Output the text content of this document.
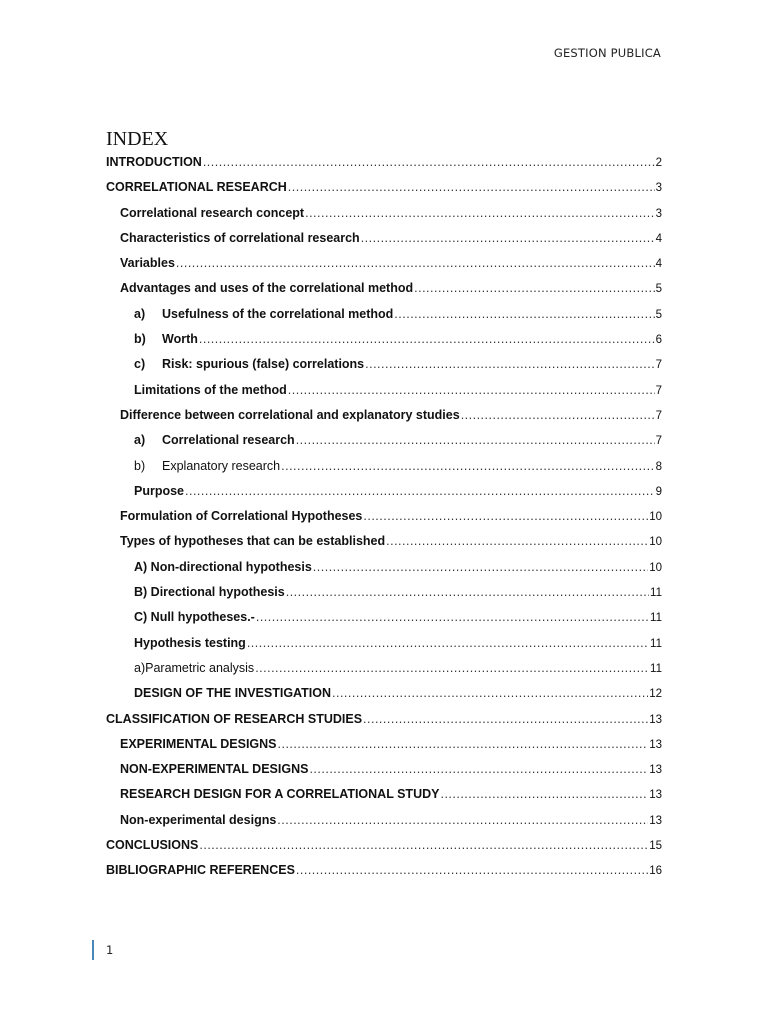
GESTION PUBLICA
INDEX
INTRODUCTION .....	2
CORRELATIONAL RESEARCH .....	3
Correlational research concept .....	3
Characteristics of correlational research .....	4
Variables .....	4
Advantages and uses of the correlational method .....	5
a)	Usefulness of the correlational method .....	5
b)	Worth .....	6
c)	Risk: spurious (false) correlations .....	7
Limitations of the method .....	7
Difference between correlational and explanatory studies .....	7
a)	Correlational research .....	7
b)	Explanatory research .....	8
Purpose .....	9
Formulation of Correlational Hypotheses .....	10
Types of hypotheses that can be established .....	10
A) Non-directional hypothesis .....	10
B) Directional hypothesis .....	11
C) Null hypotheses.- .....	11
Hypothesis testing .....	11
a)Parametric analysis .....	11
DESIGN OF THE INVESTIGATION .....	12
CLASSIFICATION OF RESEARCH STUDIES .....	13
EXPERIMENTAL DESIGNS .....	13
NON-EXPERIMENTAL DESIGNS .....	13
RESEARCH DESIGN FOR A CORRELATIONAL STUDY .....	13
Non-experimental designs .....	13
CONCLUSIONS .....	15
BIBLIOGRAPHIC REFERENCES .....	16
1
